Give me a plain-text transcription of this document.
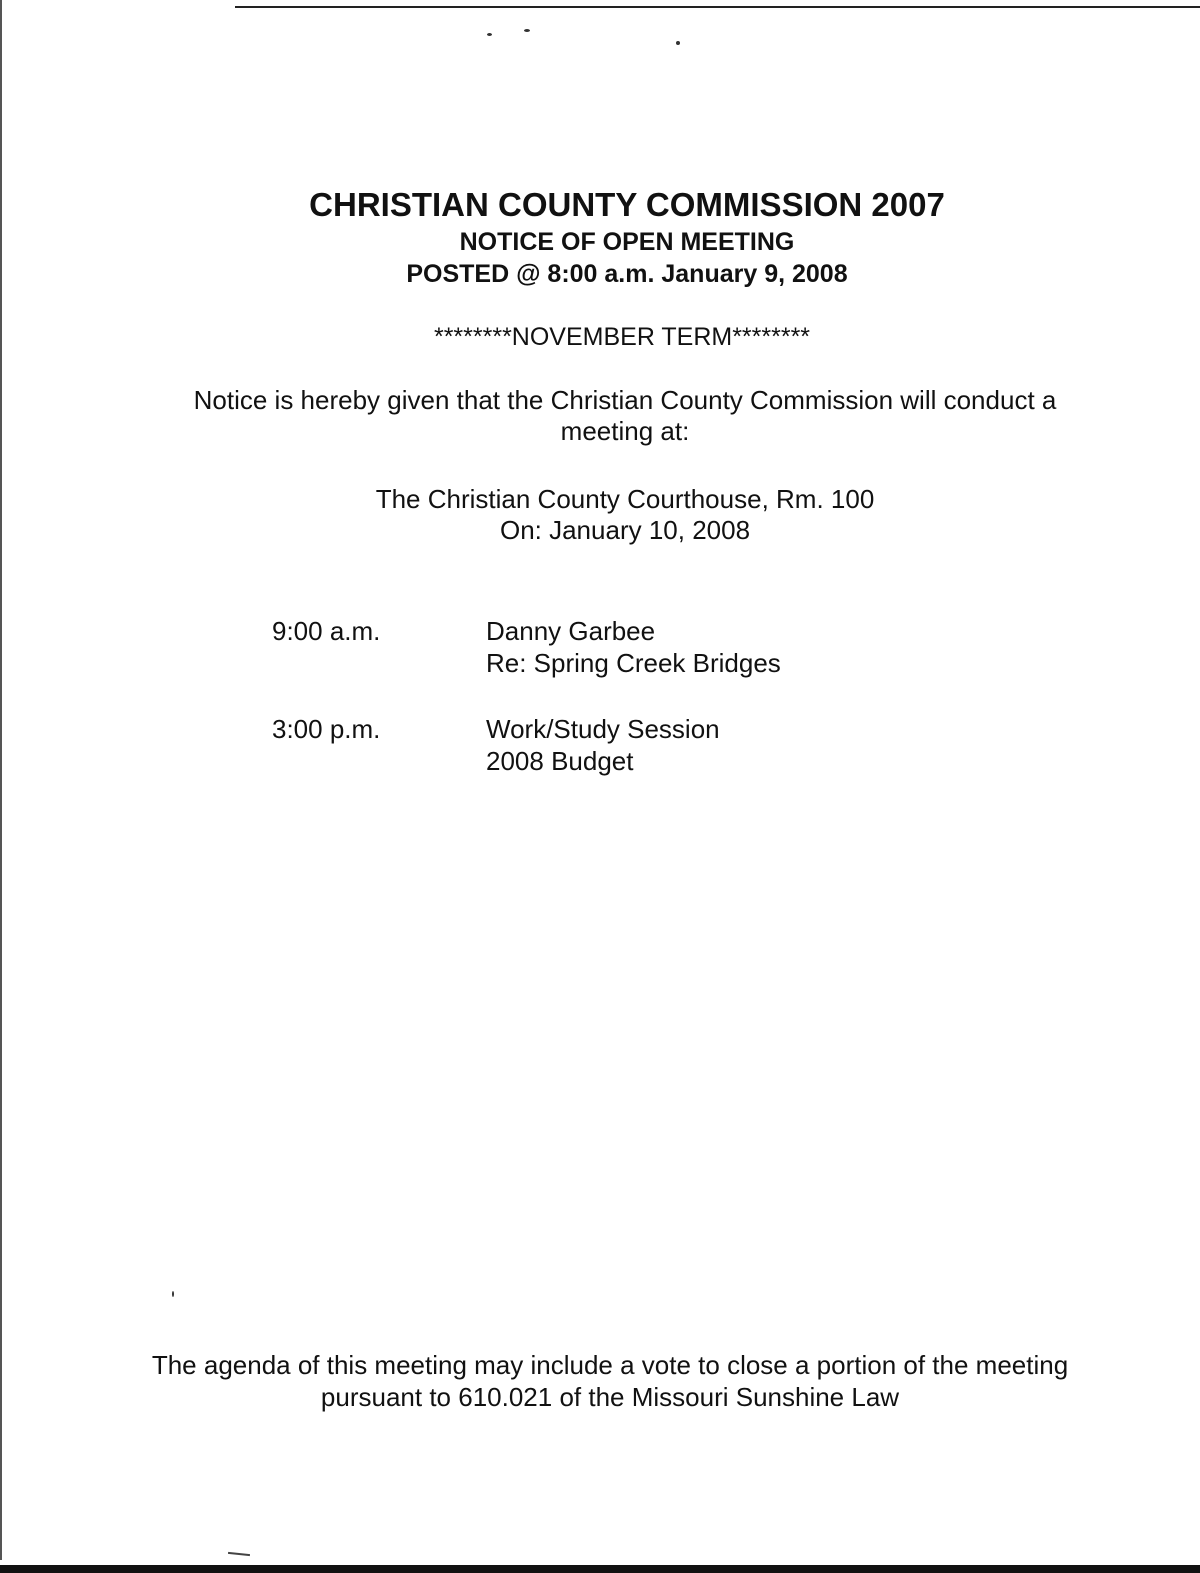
CHRISTIAN COUNTY COMMISSION 2007
NOTICE OF OPEN MEETING
POSTED @ 8:00 a.m. January 9, 2008

********NOVEMBER TERM********

Notice is hereby given that the Christian County Commission will conduct a meeting at:

The Christian County Courthouse, Rm. 100
On: January 10, 2008
9:00 a.m.	Danny Garbee
Re: Spring Creek Bridges
3:00 p.m.	Work/Study Session
2008 Budget
The agenda of this meeting may include a vote to close a portion of the meeting
pursuant to 610.021 of the Missouri Sunshine Law
